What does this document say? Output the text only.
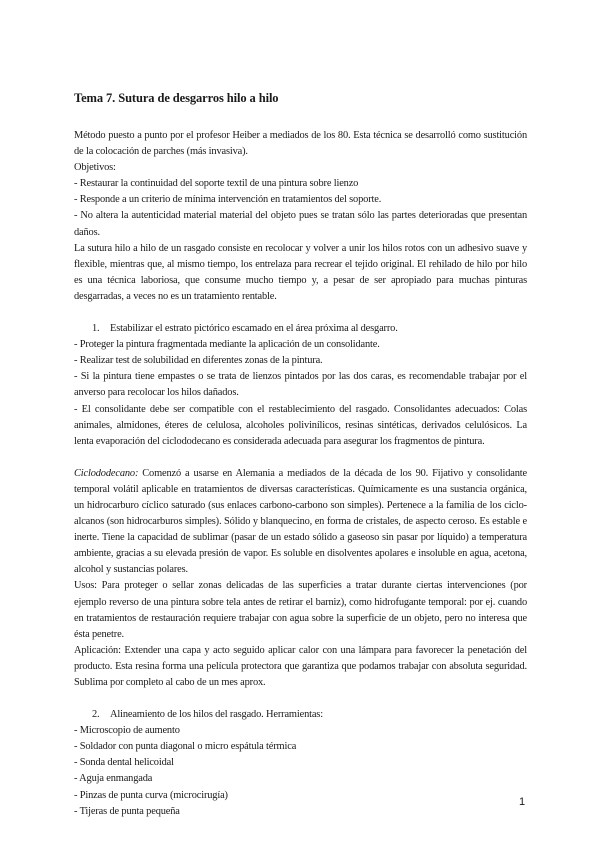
Tema 7. Sutura de desgarros hilo a hilo

Método puesto a punto por el profesor Heiber a mediados de los 80. Esta técnica se desarrolló como sustitución de la colocación de parches (más invasiva).

Objetivos:

- Restaurar la continuidad del soporte textil de una pintura sobre lienzo

- Responde a un criterio de mínima intervención en tratamientos del soporte.

- No altera la autenticidad material material del objeto pues se tratan sólo las partes deterioradas que presentan daños.

La sutura hilo a hilo de un rasgado consiste en recolocar y volver a unir los hilos rotos con un adhesivo suave y flexible, mientras que, al mismo tiempo, los entrelaza para recrear el tejido original. El rehilado de hilo por hilo es una técnica laboriosa, que consume mucho tiempo y, a pesar de ser apropiado para muchas pinturas desgarradas, a veces no es un tratamiento rentable.

1. Estabilizar el estrato pictórico escamado en el área próxima al desgarro.

- Proteger la pintura fragmentada mediante la aplicación de un consolidante.

- Realizar test de solubilidad en diferentes zonas de la pintura.

- Si la pintura tiene empastes o se trata de lienzos pintados por las dos caras, es recomendable trabajar por el anverso para recolocar los hilos dañados.

- El consolidante debe ser compatible con el restablecimiento del rasgado. Consolidantes adecuados: Colas animales, almidones, éteres de celulosa, alcoholes polivinílicos, resinas sintéticas, derivados celulósicos. La lenta evaporación del ciclododecano es considerada adecuada para asegurar los fragmentos de pintura.

Ciclododecano: Comenzó a usarse en Alemania a mediados de la década de los 90. Fijativo y consolidante temporal volátil aplicable en tratamientos de diversas características. Químicamente es una sustancia orgánica, un hidrocarburo cíclico saturado (sus enlaces carbono-carbono son simples). Pertenece a la familia de los ciclo-alcanos (son hidrocarburos simples). Sólido y blanquecino, en forma de cristales, de aspecto ceroso. Es estable e inerte. Tiene la capacidad de sublimar (pasar de un estado sólido a gaseoso sin pasar por líquido) a temperatura ambiente, gracias a su elevada presión de vapor. Es soluble en disolventes apolares e insoluble en agua, acetona, alcohol y sustancias polares.

Usos: Para proteger o sellar zonas delicadas de las superficies a tratar durante ciertas intervenciones (por ejemplo reverso de una pintura sobre tela antes de retirar el barniz), como hidrofugante temporal: por ej. cuando en tratamientos de restauración requiere trabajar con agua sobre la superficie de un objeto, pero no interesa que ésta penetre.

Aplicación: Extender una capa y acto seguido aplicar calor con una lámpara para favorecer la penetación del producto. Esta resina forma una película protectora que garantiza que podamos trabajar con absoluta seguridad. Sublima por completo al cabo de un mes aprox.

2. Alineamiento de los hilos del rasgado. Herramientas:

- Microscopio de aumento

- Soldador con punta diagonal o micro espátula térmica

- Sonda dental helicoidal

- Aguja enmangada

- Pinzas de punta curva (microcirugía)

- Tijeras de punta pequeña

1
